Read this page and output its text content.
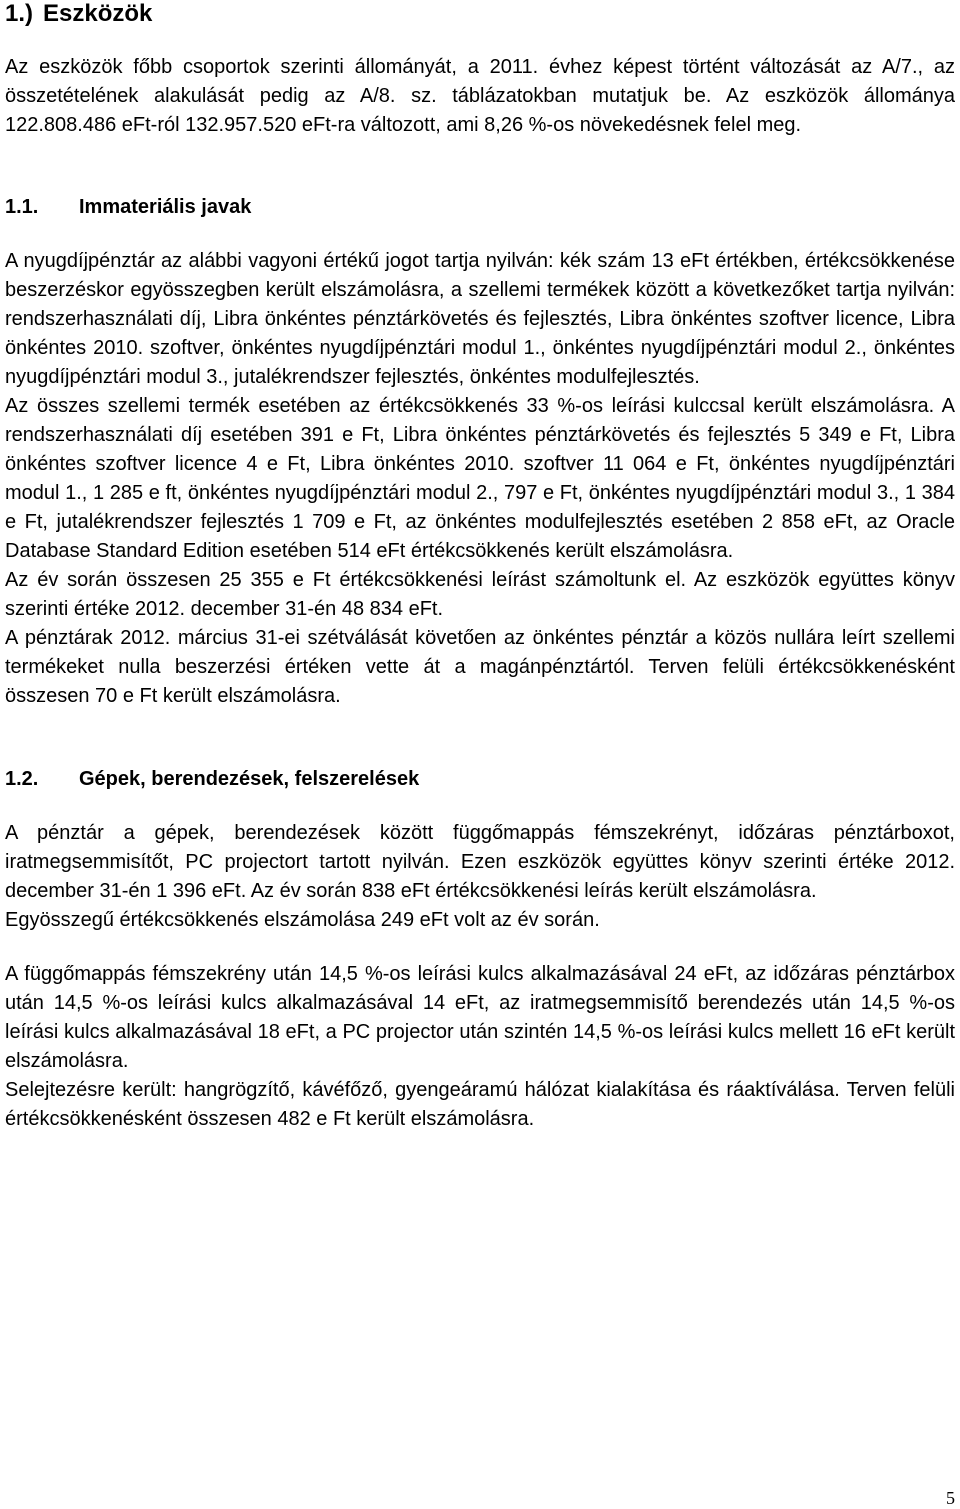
1.) Eszközök

Az eszközök főbb csoportok szerinti állományát, a 2011. évhez képest történt változását az A/7., az összetételének alakulását pedig az A/8. sz. táblázatokban mutatjuk be. Az eszközök állománya 122.808.486 eFt-ról 132.957.520 eFt-ra változott, ami 8,26 %-os növekedésnek felel meg.

1.1. Immateriális javak

A nyugdíjpénztár az alábbi vagyoni értékű jogot tartja nyilván: kék szám 13 eFt értékben, értékcsökkenése beszerzéskor egyösszegben került elszámolásra, a szellemi termékek között a következőket tartja nyilván: rendszerhasználati díj, Libra önkéntes pénztárkövetés és fejlesztés, Libra önkéntes szoftver licence, Libra önkéntes 2010. szoftver, önkéntes nyugdíjpénztári modul 1., önkéntes nyugdíjpénztári modul 2., önkéntes nyugdíjpénztári modul 3., jutalékrendszer fejlesztés, önkéntes modulfejlesztés.

Az összes szellemi termék esetében az értékcsökkenés 33 %-os leírási kulccsal került elszámolásra. A rendszerhasználati díj esetében 391 e Ft, Libra önkéntes pénztárkövetés és fejlesztés 5 349 e Ft, Libra önkéntes szoftver licence 4 e Ft, Libra önkéntes 2010. szoftver 11 064 e Ft, önkéntes nyugdíjpénztári modul 1., 1 285 e ft, önkéntes nyugdíjpénztári modul 2., 797 e Ft, önkéntes nyugdíjpénztári modul 3., 1 384 e Ft, jutalékrendszer fejlesztés 1 709 e Ft, az önkéntes modulfejlesztés esetében 2 858 eFt, az Oracle Database Standard Edition esetében 514 eFt értékcsökkenés került elszámolásra.

Az év során összesen 25 355 e Ft értékcsökkenési leírást számoltunk el. Az eszközök együttes könyv szerinti értéke 2012. december 31-én 48 834 eFt.

A pénztárak 2012. március 31-ei szétválását követően az önkéntes pénztár a közös nullára leírt szellemi termékeket nulla beszerzési értéken vette át a magánpénztártól. Terven felüli értékcsökkenésként összesen 70 e Ft került elszámolásra.

1.2. Gépek, berendezések, felszerelések

A pénztár a gépek, berendezések között függőmappás fémszekrényt, időzáras pénztárboxot, iratmegsemmisítőt, PC projectort tartott nyilván. Ezen eszközök együttes könyv szerinti értéke 2012. december 31-én 1 396 eFt. Az év során 838 eFt értékcsökkenési leírás került elszámolásra.

Egyösszegű értékcsökkenés elszámolása 249 eFt volt az év során.

A függőmappás fémszekrény után 14,5 %-os leírási kulcs alkalmazásával 24 eFt, az időzáras pénztárbox után 14,5 %-os leírási kulcs alkalmazásával 14 eFt, az iratmegsemmisítő berendezés után 14,5 %-os leírási kulcs alkalmazásával 18 eFt, a PC projector után szintén 14,5 %-os leírási kulcs mellett 16 eFt került elszámolásra.

Selejtezésre került: hangrögzítő, kávéfőző, gyengeáramú hálózat kialakítása és ráaktíválása. Terven felüli értékcsökkenésként összesen 482 e Ft került elszámolásra.

5
